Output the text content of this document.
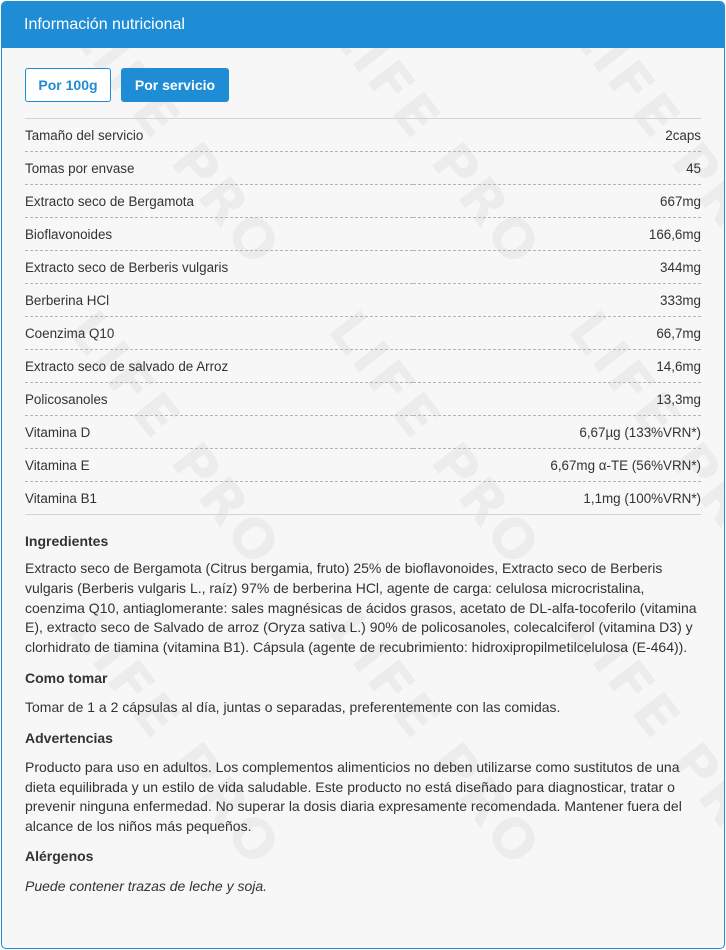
Información nutricional
Por 100g	Por servicio
Tamaño del servicio	2caps
Tomas por envase	45
Extracto seco de Bergamota	667mg
Bioflavonoides	166,6mg
Extracto seco de Berberis vulgaris	344mg
Berberina HCl	333mg
Coenzima Q10	66,7mg
Extracto seco de salvado de Arroz	14,6mg
Policosanoles	13,3mg
Vitamina D	6,67µg (133%VRN*)
Vitamina E	6,67mg α-TE (56%VRN*)
Vitamina B1	1,1mg (100%VRN*)
Ingredientes

Extracto seco de Bergamota (Citrus bergamia, fruto) 25% de bioflavonoides, Extracto seco de Berberis vulgaris (Berberis vulgaris L., raíz) 97% de berberina HCl, agente de carga: celulosa microcristalina, coenzima Q10, antiaglomerante: sales magnésicas de ácidos grasos, acetato de DL-alfa-tocoferilo (vitamina E), extracto seco de Salvado de arroz (Oryza sativa L.) 90% de policosanoles, colecalciferol (vitamina D3) y clorhidrato de tiamina (vitamina B1). Cápsula (agente de recubrimiento: hidroxipropilmetilcelulosa (E-464)).

Como tomar

Tomar de 1 a 2 cápsulas al día, juntas o separadas, preferentemente con las comidas.

Advertencias

Producto para uso en adultos. Los complementos alimenticios no deben utilizarse como sustitutos de una dieta equilibrada y un estilo de vida saludable. Este producto no está diseñado para diagnosticar, tratar o prevenir ninguna enfermedad. No superar la dosis diaria expresamente recomendada. Mantener fuera del alcance de los niños más pequeños.

Alérgenos

Puede contener trazas de leche y soja.
